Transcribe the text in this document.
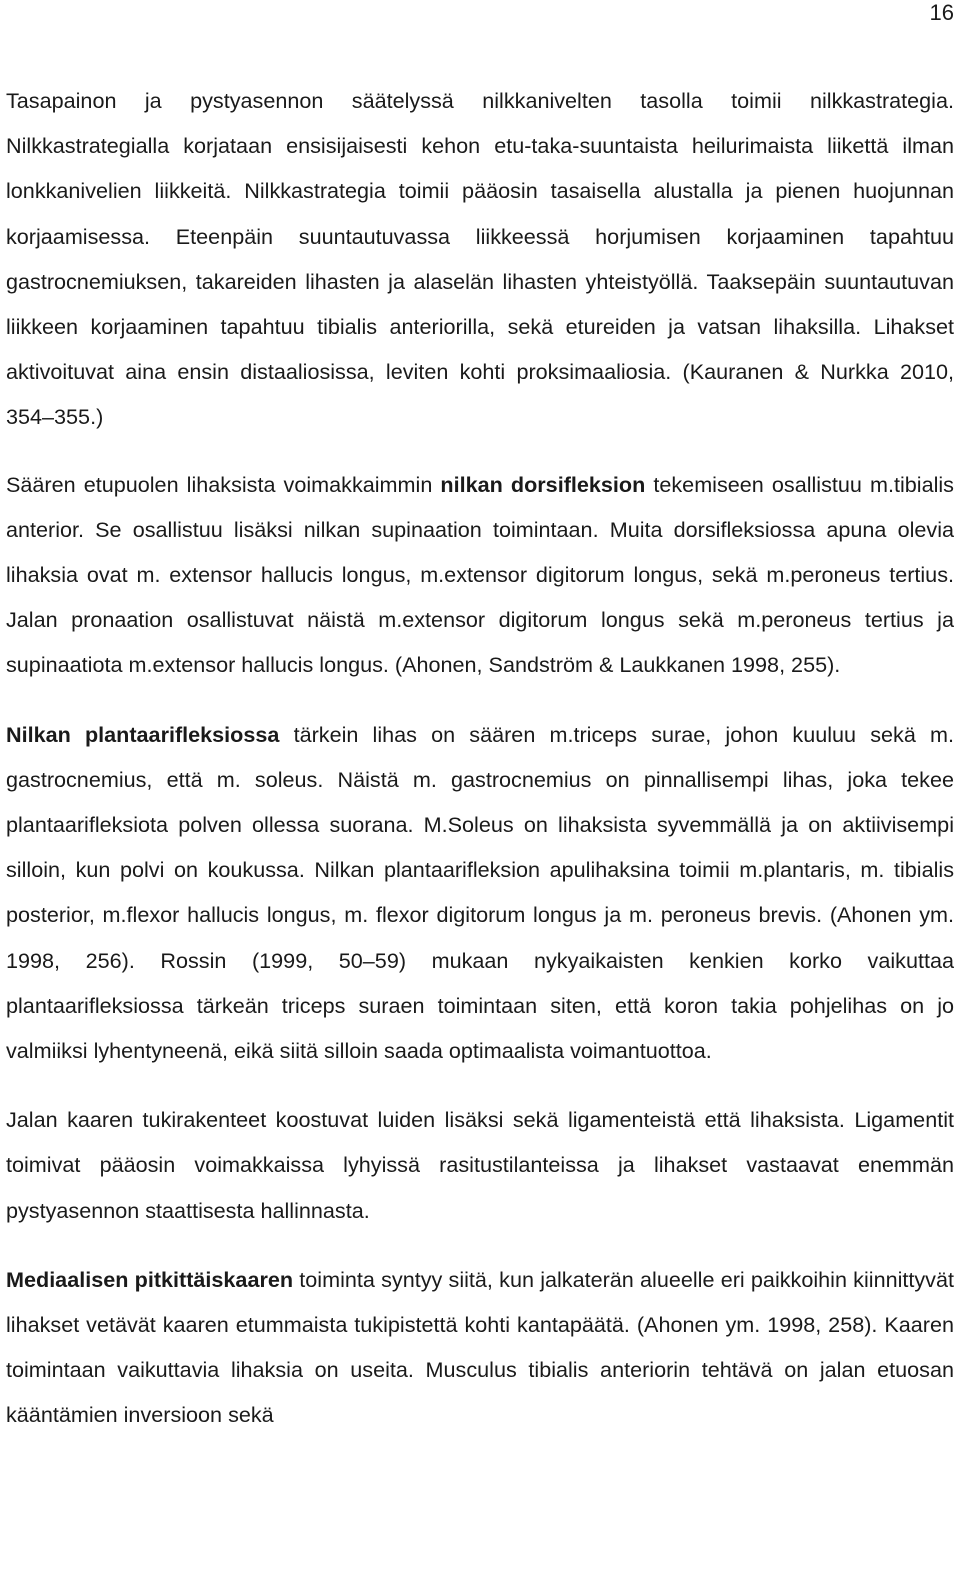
16

Tasapainon ja pystyasennon säätelyssä nilkkanivelten tasolla toimii nilkkastrategia. Nilkkastrategialla korjataan ensisijaisesti kehon etu-taka-suuntaista heilurimaista liikettä ilman lonkkanivelien liikkeitä. Nilkkastrategia toimii pääosin tasaisella alustalla ja pienen huojunnan korjaamisessa. Eteenpäin suuntautuvassa liikkeessä horjumisen korjaaminen tapahtuu gastrocnemiuksen, takareiden lihasten ja alaselän lihasten yhteistyöllä. Taaksepäin suuntautuvan liikkeen korjaaminen tapahtuu tibialis anteriorilla, sekä etureiden ja vatsan lihaksilla. Lihakset aktivoituvat aina ensin distaaliosissa, leviten kohti proksimaaliosia. (Kauranen & Nurkka 2010, 354–355.)

Säären etupuolen lihaksista voimakkaimmin nilkan dorsifleksion tekemiseen osallistuu m.tibialis anterior. Se osallistuu lisäksi nilkan supinaation toimintaan. Muita dorsifleksiossa apuna olevia lihaksia ovat m. extensor hallucis longus, m.extensor digitorum longus, sekä m.peroneus tertius. Jalan pronaation osallistuvat näistä m.extensor digitorum longus sekä m.peroneus tertius ja supinaatiota m.extensor hallucis longus. (Ahonen, Sandström & Laukkanen 1998, 255).

Nilkan plantaarifleksiossa tärkein lihas on säären m.triceps surae, johon kuuluu sekä m. gastrocnemius, että m. soleus. Näistä m. gastrocnemius on pinnallisempi lihas, joka tekee plantaarifleksiota polven ollessa suorana. M.Soleus on lihaksista syvemmällä ja on aktiivisempi silloin, kun polvi on koukussa. Nilkan plantaarifleksion apulihaksina toimii m.plantaris, m. tibialis posterior, m.flexor hallucis longus, m. flexor digitorum longus ja m. peroneus brevis. (Ahonen ym. 1998, 256). Rossin (1999, 50–59) mukaan nykyaikaisten kenkien korko vaikuttaa plantaarifleksiossa tärkeän triceps suraen toimintaan siten, että koron takia pohjelihas on jo valmiiksi lyhentyneenä, eikä siitä silloin saada optimaalista voimantuottoa.

Jalan kaaren tukirakenteet koostuvat luiden lisäksi sekä ligamenteistä että lihaksista. Ligamentit toimivat pääosin voimakkaissa lyhyissä rasitustilanteissa ja lihakset vastaavat enemmän pystyasennon staattisesta hallinnasta.

Mediaalisen pitkittäiskaaren toiminta syntyy siitä, kun jalkaterän alueelle eri paikkoihin kiinnittyvät lihakset vetävät kaaren etummaista tukipistettä kohti kantapäätä. (Ahonen ym. 1998, 258). Kaaren toimintaan vaikuttavia lihaksia on useita. Musculus tibialis anteriorin tehtävä on jalan etuosan kääntämien inversioon sekä
